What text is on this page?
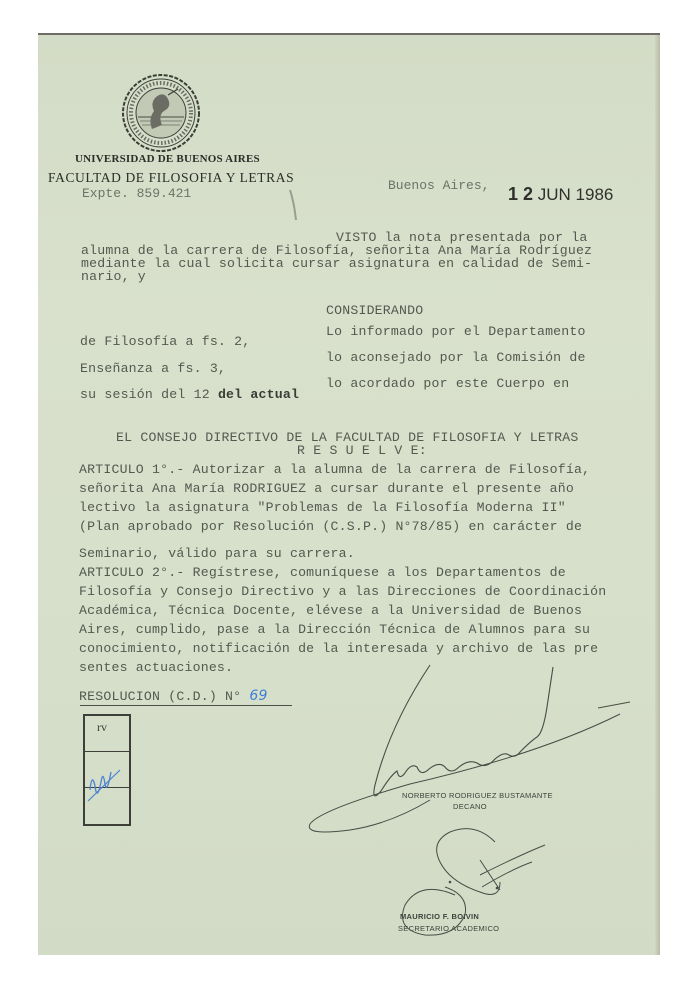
UNIVERSIDAD DE BUENOS AIRES
FACULTAD DE FILOSOFIA Y LETRAS
Expte. 859.421
Buenos Aires, 1 2 JUN 1986
VISTO la nota presentada por la
alumna de la carrera de Filosofía, señorita Ana María Rodríguez
mediante la cual solicita cursar asignatura en calidad de Semi-
nario, y
CONSIDERANDO
Lo informado por el Departamento
lo aconsejado por la Comisión de
lo acordado por este Cuerpo en
de Filosofía a fs. 2,
Enseñanza a fs. 3,
su sesión del 12 del actual
EL CONSEJO DIRECTIVO DE LA FACULTAD DE FILOSOFIA Y LETRAS
R E S U E L V E:
ARTICULO 1°.- Autorizar a la alumna de la carrera de Filosofía,
señorita Ana María RODRIGUEZ a cursar durante el presente año
lectivo la asignatura "Problemas de la Filosofía Moderna II"
(Plan aprobado por Resolución (C.S.P.) N°78/85) en carácter de
Seminario, válido para su carrera.
ARTICULO 2°.- Regístrese, comuníquese a los Departamentos de
Filosofía y Consejo Directivo y a las Direcciones de Coordinación
Académica, Técnica Docente, elévese a la Universidad de Buenos
Aires, cumplido, pase a la Dirección Técnica de Alumnos para su
conocimiento, notificación de la interesada y archivo de las pre
sentes actuaciones.
RESOLUCION (C.D.) N° 69
rv
NORBERTO RODRIGUEZ BUSTAMANTE
DECANO
MAURICIO F. BOIVIN
SECRETARIO ACADEMICO
